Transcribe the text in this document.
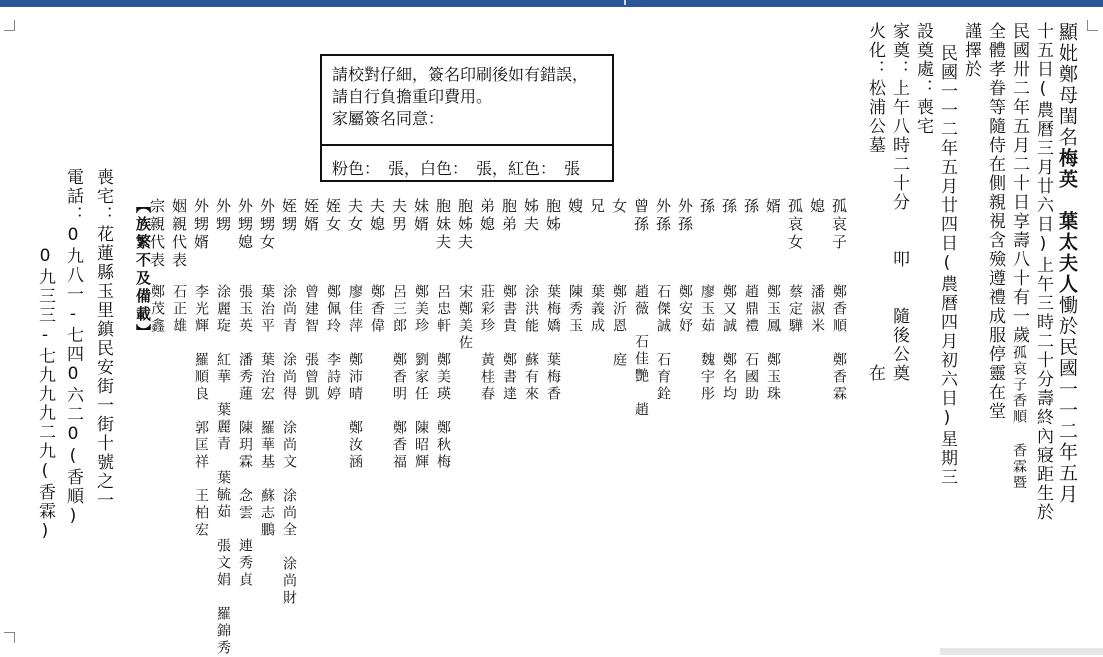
請校對仔細，簽名印刷後如有錯誤，
請自行負擔重印費用。
家屬簽名同意：
粉色：　張，白色：　張，紅色：　張
顯妣鄭母閨名梅英　葉太夫人慟於民國一一二年五月
十五日(農曆三月廿六日)上午三時二十分壽終內寢距生於
民國卅二年五月二十日享壽八十有一歲孤哀子香順 香霖暨
全體孝眷等隨侍在側親視含殮遵禮成服停靈在堂
謹擇於
民國一一二年五月廿四日(農曆四月初六日)星期三
設奠處：喪宅
家奠：上午八時二十分　　叩　　隨後公奠
火化：松浦公墓　　　　　　　　　　　在
孤哀子
鄭香順
鄭香霖
媳
潘淑米
孤哀女
蔡定驊
婿
鄭玉鳳
鄭玉珠
孫
趙鼎禮
石國助
孫
鄭又誠
鄭名均
孫
廖玉茹
魏宇彤
外孫
鄭安妤
外孫
石傑誠
石育銓
曾孫
趙薇
石佳艷
趙
女
鄭沂恩
庭
兄
葉義成
嫂
陳秀玉
胞姊
葉梅嬌
葉梅香
姊夫
涂洪能
蘇有來
胞弟
鄭書貴
鄭書達
弟媳
莊彩珍
黃桂春
胞姊夫
宋鄭美佐
胞妹夫
呂忠軒
鄭美瑛
鄭秋梅
妹婿
鄭美珍
劉家任
陳昭輝
夫男
呂三郎
鄭香明
鄭香福
夫媳
鄭香偉
夫女
廖佳萍
鄭沛晴
鄭汝涵
姪女
鄭佩玲
李詩婷
姪婿
曾建智
張曾凱
姪甥
涂尚青
涂尚得
涂尚文
涂尚全
涂尚財
外甥女
葉治平
葉治宏
羅華基
蘇志鵬
外甥媳
張玉英
潘秀蓮
陳玥霖
念雲
連秀貞
外甥
涂麗琁
紅華
葉麗青
葉毓茹
張文娟
羅錦秀
外甥婿
李光輝
羅順良
郭匡祥
王柏宏
姻親代表
石正雄
宗親代表
鄭茂鑫
【族繁不及備載】
喪宅：花蓮縣玉里鎮民安街一街十號之一
電話：0九八一-七四0六二0(香順)
0九三三-七九九九二九(香霖)
